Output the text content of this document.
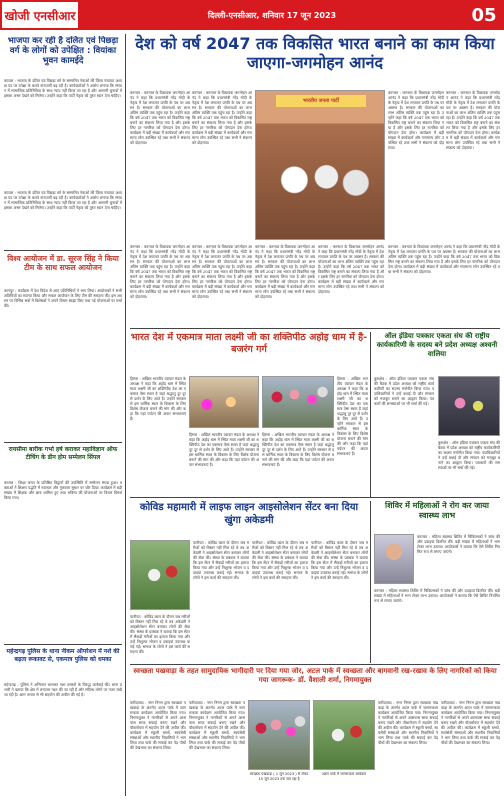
खोजी एनसीआर	दिल्ली-एनसीआर, शनिवार 17 जून 2023	05
भाजपा कर रही है दलित एवं पिछड़ा वर्ग के लोगों को उपेक्षित : वियांका भुवन कामईदे
काजल : भाजपा के दलित एवं पिछड़ा वर्ग के सम्मानित नेताओं की जिला पंचायत अध्यक्ष पद पर उपेक्षा के चलते नाराजगी बढ़ रही है। कार्यकर्ताओं ने आरोप लगाया कि संगठन में सामाजिक प्रतिनिधित्व के साथ न्याय नहीं किया जा रहा है और आगामी चुनावों में इसका असर देखने को मिलेगा। उन्होंने कहा कि पार्टी नेतृत्व को तुरंत ध्यान देना चाहिए।
काजल : भाजपा के दलित एवं पिछड़ा वर्ग के सम्मानित नेताओं की जिला पंचायत अध्यक्ष पद पर उपेक्षा के चलते नाराजगी बढ़ रही है। कार्यकर्ताओं ने आरोप लगाया कि संगठन में सामाजिक प्रतिनिधित्व के साथ न्याय नहीं किया जा रहा है और आगामी चुनावों में इसका असर देखने को मिलेगा। उन्होंने कहा कि पार्टी नेतृत्व को तुरंत ध्यान देना चाहिए।
विश्व आयोजन में डा. सूरज सिंह ने किया टीम के साथ सफल आयोजन
कानपुर : कार्यक्रम में देश विदेश से आए प्रतिनिधियों ने भाग लिया। आयोजकों ने सभी अतिथियों का स्वागत किया और सफल आयोजन के लिए टीम की सराहना की। इस अवसर पर विभिन्न सत्रों में विशेषज्ञों ने अपने विचार साझा किए तथा नई योजनाओं पर चर्चा की।
रायसीमा बारीक गर्भा हर्ष कराकर महाविज्ञान ऑफ टीचिंग के डीन होम सम्मेलन सिंपल
काजल : शिक्षा जगत के प्रतिष्ठित विद्वानों की उपस्थिति में सम्मेलन संपन्न हुआ। वक्ताओं ने शिक्षण पद्धति में नवाचार और गुणवत्ता सुधार पर जोर दिया। कार्यक्रम में बड़ी संख्या में शिक्षक और छात्र शामिल हुए तथा भविष्य की योजनाओं पर विचार विमर्श किया गया।
महेन्द्रगढ़ पुलिस के थाना नीकम ऑपरेशन में नशे की बढ़ता रूकावट से, एकमात्र पुलिस को धमका
महेन्द्रगढ़ : पुलिस ने अभियान चलाकर नशा तस्करों के विरुद्ध कार्रवाई की। थाना प्रभारी ने बताया कि क्षेत्र में लगातार गश्त की जा रही है और संदिग्ध लोगों पर नजर रखी जा रही है। आम जनता से भी सहयोग की अपील की गई है।
देश को वर्ष 2047 तक विकसित भारत बनाने का काम किया जाएगा-जगमोहन आनंद
भारतीय जनता पार्टी
करनाल : करनाल के विधायक जगमोहन आनंद ने कहा कि प्रधानमंत्री नरेंद्र मोदी के नेतृत्व में देश लगातार प्रगति के पथ पर अग्रसर है। सरकार की योजनाओं का लाभ अंतिम व्यक्ति तक पहुंच रहा है। उन्होंने कहा कि वर्ष 2047 तक भारत को विकसित राष्ट्र बनाने का संकल्प लिया गया है और इसके लिए हर नागरिक को योगदान देना होगा। कार्यक्रम में बड़ी संख्या में कार्यकर्ता और गणमान्य लोग उपस्थित रहे तथा सभी ने संकल्प को दोहराया।
करनाल : करनाल के विधायक जगमोहन आनंद ने कहा कि प्रधानमंत्री नरेंद्र मोदी के नेतृत्व में देश लगातार प्रगति के पथ पर अग्रसर है। सरकार की योजनाओं का लाभ अंतिम व्यक्ति तक पहुंच रहा है। उन्होंने कहा कि वर्ष 2047 तक भारत को विकसित राष्ट्र बनाने का संकल्प लिया गया है और इसके लिए हर नागरिक को योगदान देना होगा। कार्यक्रम में बड़ी संख्या में कार्यकर्ता और गणमान्य लोग उपस्थित रहे तथा सभी ने संकल्प को दोहराया।
करनाल : करनाल के विधायक जगमोहन आनंद ने कहा कि प्रधानमंत्री नरेंद्र मोदी के नेतृत्व में देश लगातार प्रगति के पथ पर अग्रसर है। सरकार की योजनाओं का लाभ अंतिम व्यक्ति तक पहुंच रहा है। उन्होंने कहा कि वर्ष 2047 तक भारत को विकसित राष्ट्र बनाने का संकल्प लिया गया है और इसके लिए हर नागरिक को योगदान देना होगा। कार्यक्रम में बड़ी संख्या में कार्यकर्ता और गणमान्य लोग उपस्थित रहे तथा सभी ने संकल्प को दोहराया।
करनाल : करनाल के विधायक जगमोहन आनंद ने कहा कि प्रधानमंत्री नरेंद्र मोदी के नेतृत्व में देश लगातार प्रगति के पथ पर अग्रसर है। सरकार की योजनाओं का लाभ अंतिम व्यक्ति तक पहुंच रहा है। उन्होंने कहा कि वर्ष 2047 तक भारत को विकसित राष्ट्र बनाने का संकल्प लिया गया है और इसके लिए हर नागरिक को योगदान देना होगा। कार्यक्रम में बड़ी संख्या में कार्यकर्ता और गणमान्य लोग उपस्थित रहे तथा सभी ने संकल्प को दोहराया।
करनाल : करनाल के विधायक जगमोहन आनंद ने कहा कि प्रधानमंत्री नरेंद्र मोदी के नेतृत्व में देश लगातार प्रगति के पथ पर अग्रसर है। सरकार की योजनाओं का लाभ अंतिम व्यक्ति तक पहुंच रहा है। उन्होंने कहा कि वर्ष 2047 तक भारत को विकसित राष्ट्र बनाने का संकल्प लिया गया है और इसके लिए हर नागरिक को योगदान देना होगा। कार्यक्रम में बड़ी संख्या में कार्यकर्ता और गणमान्य लोग उपस्थित रहे तथा सभी ने संकल्प को दोहराया।
करनाल : करनाल के विधायक जगमोहन आनंद ने कहा कि प्रधानमंत्री नरेंद्र मोदी के नेतृत्व में देश लगातार प्रगति के पथ पर अग्रसर है। सरकार की योजनाओं का लाभ अंतिम व्यक्ति तक पहुंच रहा है। उन्होंने कहा कि वर्ष 2047 तक भारत को विकसित राष्ट्र बनाने का संकल्प लिया गया है और इसके लिए हर नागरिक को योगदान देना होगा। कार्यक्रम में बड़ी संख्या में कार्यकर्ता और गणमान्य लोग उपस्थित रहे तथा सभी ने संकल्प को दोहराया।
करनाल : करनाल के विधायक जगमोहन आनंद ने कहा कि प्रधानमंत्री नरेंद्र मोदी के नेतृत्व में देश लगातार प्रगति के पथ पर अग्रसर है। सरकार की योजनाओं का लाभ अंतिम व्यक्ति तक पहुंच रहा है। उन्होंने कहा कि वर्ष 2047 तक भारत को विकसित राष्ट्र बनाने का संकल्प लिया गया है और इसके लिए हर नागरिक को योगदान देना होगा। कार्यक्रम में बड़ी संख्या में कार्यकर्ता और गणमान्य लोग उपस्थित रहे तथा सभी ने संकल्प को दोहराया।
करनाल : करनाल के विधायक जगमोहन आनंद ने कहा कि प्रधानमंत्री नरेंद्र मोदी के नेतृत्व में देश लगातार प्रगति के पथ पर अग्रसर है। सरकार की योजनाओं का लाभ अंतिम व्यक्ति तक पहुंच रहा है। उन्होंने कहा कि वर्ष 2047 तक भारत को विकसित राष्ट्र बनाने का संकल्प लिया गया है और इसके लिए हर नागरिक को योगदान देना होगा। कार्यक्रम में बड़ी संख्या में कार्यकर्ता और गणमान्य लोग उपस्थित रहे तथा सभी ने संकल्प को दोहराया।
करनाल : करनाल के विधायक जगमोहन आनंद ने कहा कि प्रधानमंत्री नरेंद्र मोदी के नेतृत्व में देश लगातार प्रगति के पथ पर अग्रसर है। सरकार की योजनाओं का लाभ अंतिम व्यक्ति तक पहुंच रहा है। उन्होंने कहा कि वर्ष 2047 तक भारत को विकसित राष्ट्र बनाने का संकल्प लिया गया है और इसके लिए हर नागरिक को योगदान देना होगा। कार्यक्रम में बड़ी संख्या में कार्यकर्ता और गणमान्य लोग उपस्थित रहे तथा सभी ने संकल्प को दोहराया।
भारत देश में एकमात्र माता लक्ष्मी जी का शक्तिपीठ अहोइ धाम में है- बजरंग गर्ग
हिसार : अखिल भारतीय व्यापार मंडल के अध्यक्ष ने कहा कि अहोइ धाम में स्थित माता लक्ष्मी जी का शक्तिपीठ देश का एकमात्र ऐसा स्थान है जहां श्रद्धालु दूर दूर से दर्शन के लिए आते हैं। उन्होंने सरकार से इस धार्मिक स्थल के विकास के लिए विशेष योजना बनाने की मांग की और कहा कि यहां पर्यटन की अपार संभावनाएं हैं।
हिसार : अखिल भारतीय व्यापार मंडल के अध्यक्ष ने कहा कि अहोइ धाम में स्थित माता लक्ष्मी जी का शक्तिपीठ देश का एकमात्र ऐसा स्थान है जहां श्रद्धालु दूर दूर से दर्शन के लिए आते हैं। उन्होंने सरकार से इस धार्मिक स्थल के विकास के लिए विशेष योजना बनाने की मांग की और कहा कि यहां पर्यटन की अपार संभावनाएं हैं।
हिसार : अखिल भारतीय व्यापार मंडल के अध्यक्ष ने कहा कि अहोइ धाम में स्थित माता लक्ष्मी जी का शक्तिपीठ देश का एकमात्र ऐसा स्थान है जहां श्रद्धालु दूर दूर से दर्शन के लिए आते हैं। उन्होंने सरकार से इस धार्मिक स्थल के विकास के लिए विशेष योजना बनाने की मांग की और कहा कि यहां पर्यटन की अपार संभावनाएं हैं।
हिसार : अखिल भारतीय व्यापार मंडल के अध्यक्ष ने कहा कि अहोइ धाम में स्थित माता लक्ष्मी जी का शक्तिपीठ देश का एकमात्र ऐसा स्थान है जहां श्रद्धालु दूर दूर से दर्शन के लिए आते हैं। उन्होंने सरकार से इस धार्मिक स्थल के विकास के लिए विशेष योजना बनाने की मांग की और कहा कि यहां पर्यटन की अपार संभावनाएं हैं।
ऑल इंडिया पत्रकार एकता संघ की राष्ट्रीय कार्यकारिणी के सदस्य बने प्रदेश अध्यक्ष अश्वनी वालिया
कुरुक्षेत्र : ऑल इंडिया पत्रकार एकता संघ की बैठक में प्रदेश अध्यक्ष को राष्ट्रीय कार्यकारिणी का सदस्य मनोनीत किया गया। पदाधिकारियों ने उन्हें बधाई दी और संगठन को मजबूत बनाने का आह्वान किया। पत्रकारों की समस्याओं पर भी चर्चा की गई।
कुरुक्षेत्र : ऑल इंडिया पत्रकार एकता संघ की बैठक में प्रदेश अध्यक्ष को राष्ट्रीय कार्यकारिणी का सदस्य मनोनीत किया गया। पदाधिकारियों ने उन्हें बधाई दी और संगठन को मजबूत बनाने का आह्वान किया। पत्रकारों की समस्याओं पर भी चर्चा की गई।
कोविड महामारी में लाइफ लाइन आइसोलेशन सेंटर बना दिया खुंगा अकेडमी
पानीपत : कोविड काल के दौरान जब मरीजों को बिस्तर नहीं मिल रहे थे तब अकेडमी ने आइसोलेशन सेंटर बनाकर लोगों की सेवा की। संस्था के प्रबंधक ने बताया कि इस सेंटर में सैकड़ों मरीजों का इलाज किया गया और उन्हें निशुल्क भोजन व दवाइयां उपलब्ध कराई गईं। समाज के लोगों ने इस कार्य की सराहना की।
पानीपत : कोविड काल के दौरान जब मरीजों को बिस्तर नहीं मिल रहे थे तब अकेडमी ने आइसोलेशन सेंटर बनाकर लोगों की सेवा की। संस्था के प्रबंधक ने बताया कि इस सेंटर में सैकड़ों मरीजों का इलाज किया गया और उन्हें निशुल्क भोजन व दवाइयां उपलब्ध कराई गईं। समाज के लोगों ने इस कार्य की सराहना की।
पानीपत : कोविड काल के दौरान जब मरीजों को बिस्तर नहीं मिल रहे थे तब अकेडमी ने आइसोलेशन सेंटर बनाकर लोगों की सेवा की। संस्था के प्रबंधक ने बताया कि इस सेंटर में सैकड़ों मरीजों का इलाज किया गया और उन्हें निशुल्क भोजन व दवाइयां उपलब्ध कराई गईं। समाज के लोगों ने इस कार्य की सराहना की।
पानीपत : कोविड काल के दौरान जब मरीजों को बिस्तर नहीं मिल रहे थे तब अकेडमी ने आइसोलेशन सेंटर बनाकर लोगों की सेवा की। संस्था के प्रबंधक ने बताया कि इस सेंटर में सैकड़ों मरीजों का इलाज किया गया और उन्हें निशुल्क भोजन व दवाइयां उपलब्ध कराई गईं। समाज के लोगों ने इस कार्य की सराहना की।
शिविर में महिलाओं ने रोग कर जाया स्वास्थ्य लाभ
करनाल : महिला स्वास्थ्य शिविर में चिकित्सकों ने जांच की और दवाइयां वितरित कीं। बड़ी संख्या में महिलाओं ने भाग लेकर लाभ उठाया। आयोजकों ने बताया कि ऐसे शिविर नियमित रूप से लगाए जाएंगे।
करनाल : महिला स्वास्थ्य शिविर में चिकित्सकों ने जांच की और दवाइयां वितरित कीं। बड़ी संख्या में महिलाओं ने भाग लेकर लाभ उठाया। आयोजकों ने बताया कि ऐसे शिविर नियमित रूप से लगाए जाएंगे।
स्वच्छता पखवाड़ा के तहत सामुदायिक भागीदारी पर दिया गया जोर, अटल पार्क में स्वच्छता और बागवानी रख-रखाव के लिए नागरिकों को किया गया जागरूक- डॉ. वैशाली शर्मा, निगमायुक्त
फरीदाबाद : नगर निगम द्वारा स्वच्छता पखवाड़ा के अंतर्गत अटल पार्क में जागरूकता कार्यक्रम आयोजित किया गया। निगमायुक्त ने नागरिकों से अपने आसपास साफ सफाई बनाए रखने और पौधारोपण में सहयोग देने की अपील की। कार्यक्रम में स्कूली बच्चों, स्वयंसेवी संस्थाओं और स्थानीय निवासियों ने भाग लिया तथा पार्क की सफाई कर पेड़ पौधों की देखभाल का संकल्प लिया।
फरीदाबाद : नगर निगम द्वारा स्वच्छता पखवाड़ा के अंतर्गत अटल पार्क में जागरूकता कार्यक्रम आयोजित किया गया। निगमायुक्त ने नागरिकों से अपने आसपास साफ सफाई बनाए रखने और पौधारोपण में सहयोग देने की अपील की। कार्यक्रम में स्कूली बच्चों, स्वयंसेवी संस्थाओं और स्थानीय निवासियों ने भाग लिया तथा पार्क की सफाई कर पेड़ पौधों की देखभाल का संकल्प लिया।
स्वच्छता पखवाड़ा ( 1 जुन 2023 ) से लेकर 15 जून 2023 तक चल रहा है
अटल पार्क में जागरूकता कार्यक्रम
फरीदाबाद : नगर निगम द्वारा स्वच्छता पखवाड़ा के अंतर्गत अटल पार्क में जागरूकता कार्यक्रम आयोजित किया गया। निगमायुक्त ने नागरिकों से अपने आसपास साफ सफाई बनाए रखने और पौधारोपण में सहयोग देने की अपील की। कार्यक्रम में स्कूली बच्चों, स्वयंसेवी संस्थाओं और स्थानीय निवासियों ने भाग लिया तथा पार्क की सफाई कर पेड़ पौधों की देखभाल का संकल्प लिया।
फरीदाबाद : नगर निगम द्वारा स्वच्छता पखवाड़ा के अंतर्गत अटल पार्क में जागरूकता कार्यक्रम आयोजित किया गया। निगमायुक्त ने नागरिकों से अपने आसपास साफ सफाई बनाए रखने और पौधारोपण में सहयोग देने की अपील की। कार्यक्रम में स्कूली बच्चों, स्वयंसेवी संस्थाओं और स्थानीय निवासियों ने भाग लिया तथा पार्क की सफाई कर पेड़ पौधों की देखभाल का संकल्प लिया।
